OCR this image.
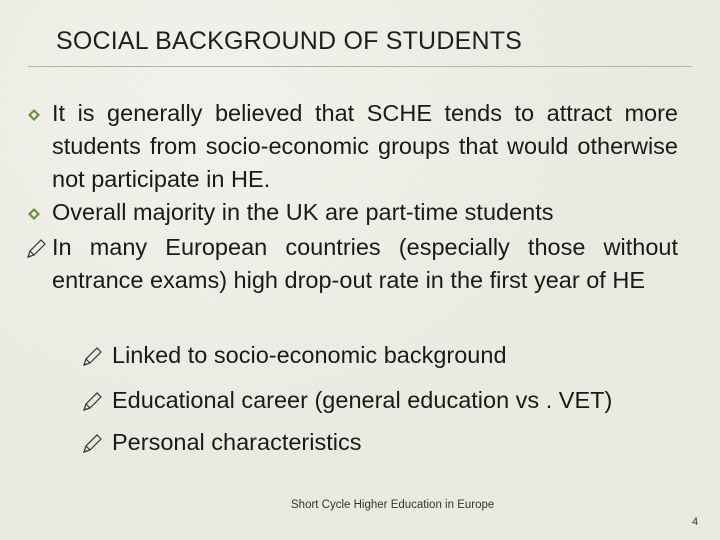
SOCIAL BACKGROUND OF STUDENTS
It is generally believed that SCHE tends to attract more students from socio-economic groups that would otherwise not participate in HE.
Overall majority in the UK are part-time students
In many European countries (especially those without entrance exams) high drop-out rate in the first year of HE
Linked to socio-economic background
Educational career (general education vs . VET)
Personal characteristics
Short Cycle Higher Education in Europe
4
